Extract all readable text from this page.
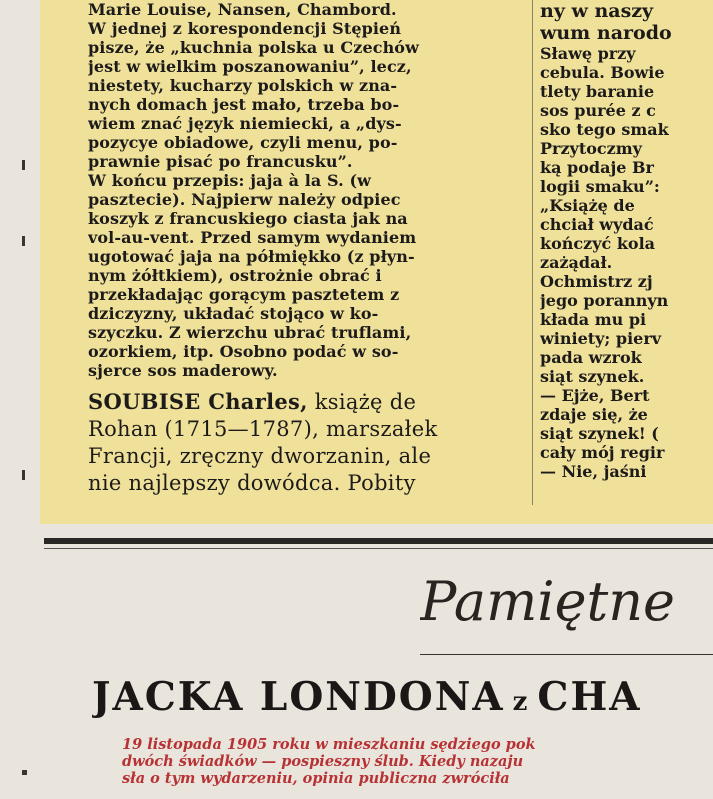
Marie Louise, Nansen, Chambord.
W jednej z korespondencji Stępień
pisze, że „kuchnia polska u Czechów
jest w wielkim poszanowaniu”, lecz,
niestety, kucharzy polskich w zna-
nych domach jest mało, trzeba bo-
wiem znać język niemiecki, a „dys-
pozycye obiadowe, czyli menu, po-
prawnie pisać po francusku”.

W końcu przepis: jaja à la S. (w
pasztecie). Najpierw należy odpiec
koszyk z francuskiego ciasta jak na
vol-au-vent. Przed samym wydaniem
ugotować jaja na półmiękko (z płyn-
nym żółtkiem), ostrożnie obrać i
przekładając gorącym pasztetem z
dziczyzny, układać stojąco w ko-
szyczku. Z wierzchu ubrać truflami,
ozorkiem, itp. Osobno podać w so-
sjerce sos maderowy.

SOUBISE Charles, książę de
Rohan (1715—1787), marszałek
Francji, zręczny dworzanin, ale
nie najlepszy dowódca. Pobity

ny w naszy
wum narodo
Sławę przy
cebula. Bowie
tlety baranie
sos purée z c
sko tego smak
Przytoczmy
ką podaje Br
logii smaku”:
„Książę de
chciał wydać
kończyć kola
zażądał.
Ochmistrz zj
jego porannyn
kłada mu pi
winiety; pierv
pada wzrok
siąt szynek.
— Ejże, Bert
zdaje się, że
siąt szynek! (
cały mój regir
— Nie, jaśni
Pamiętne
JACKA LONDONA z CHA
19 listopada 1905 roku w mieszkaniu sędziego pok
dwóch świadków — pospieszny ślub. Kiedy nazaju
sła o tym wydarzeniu, opinia publiczna zwróciła
